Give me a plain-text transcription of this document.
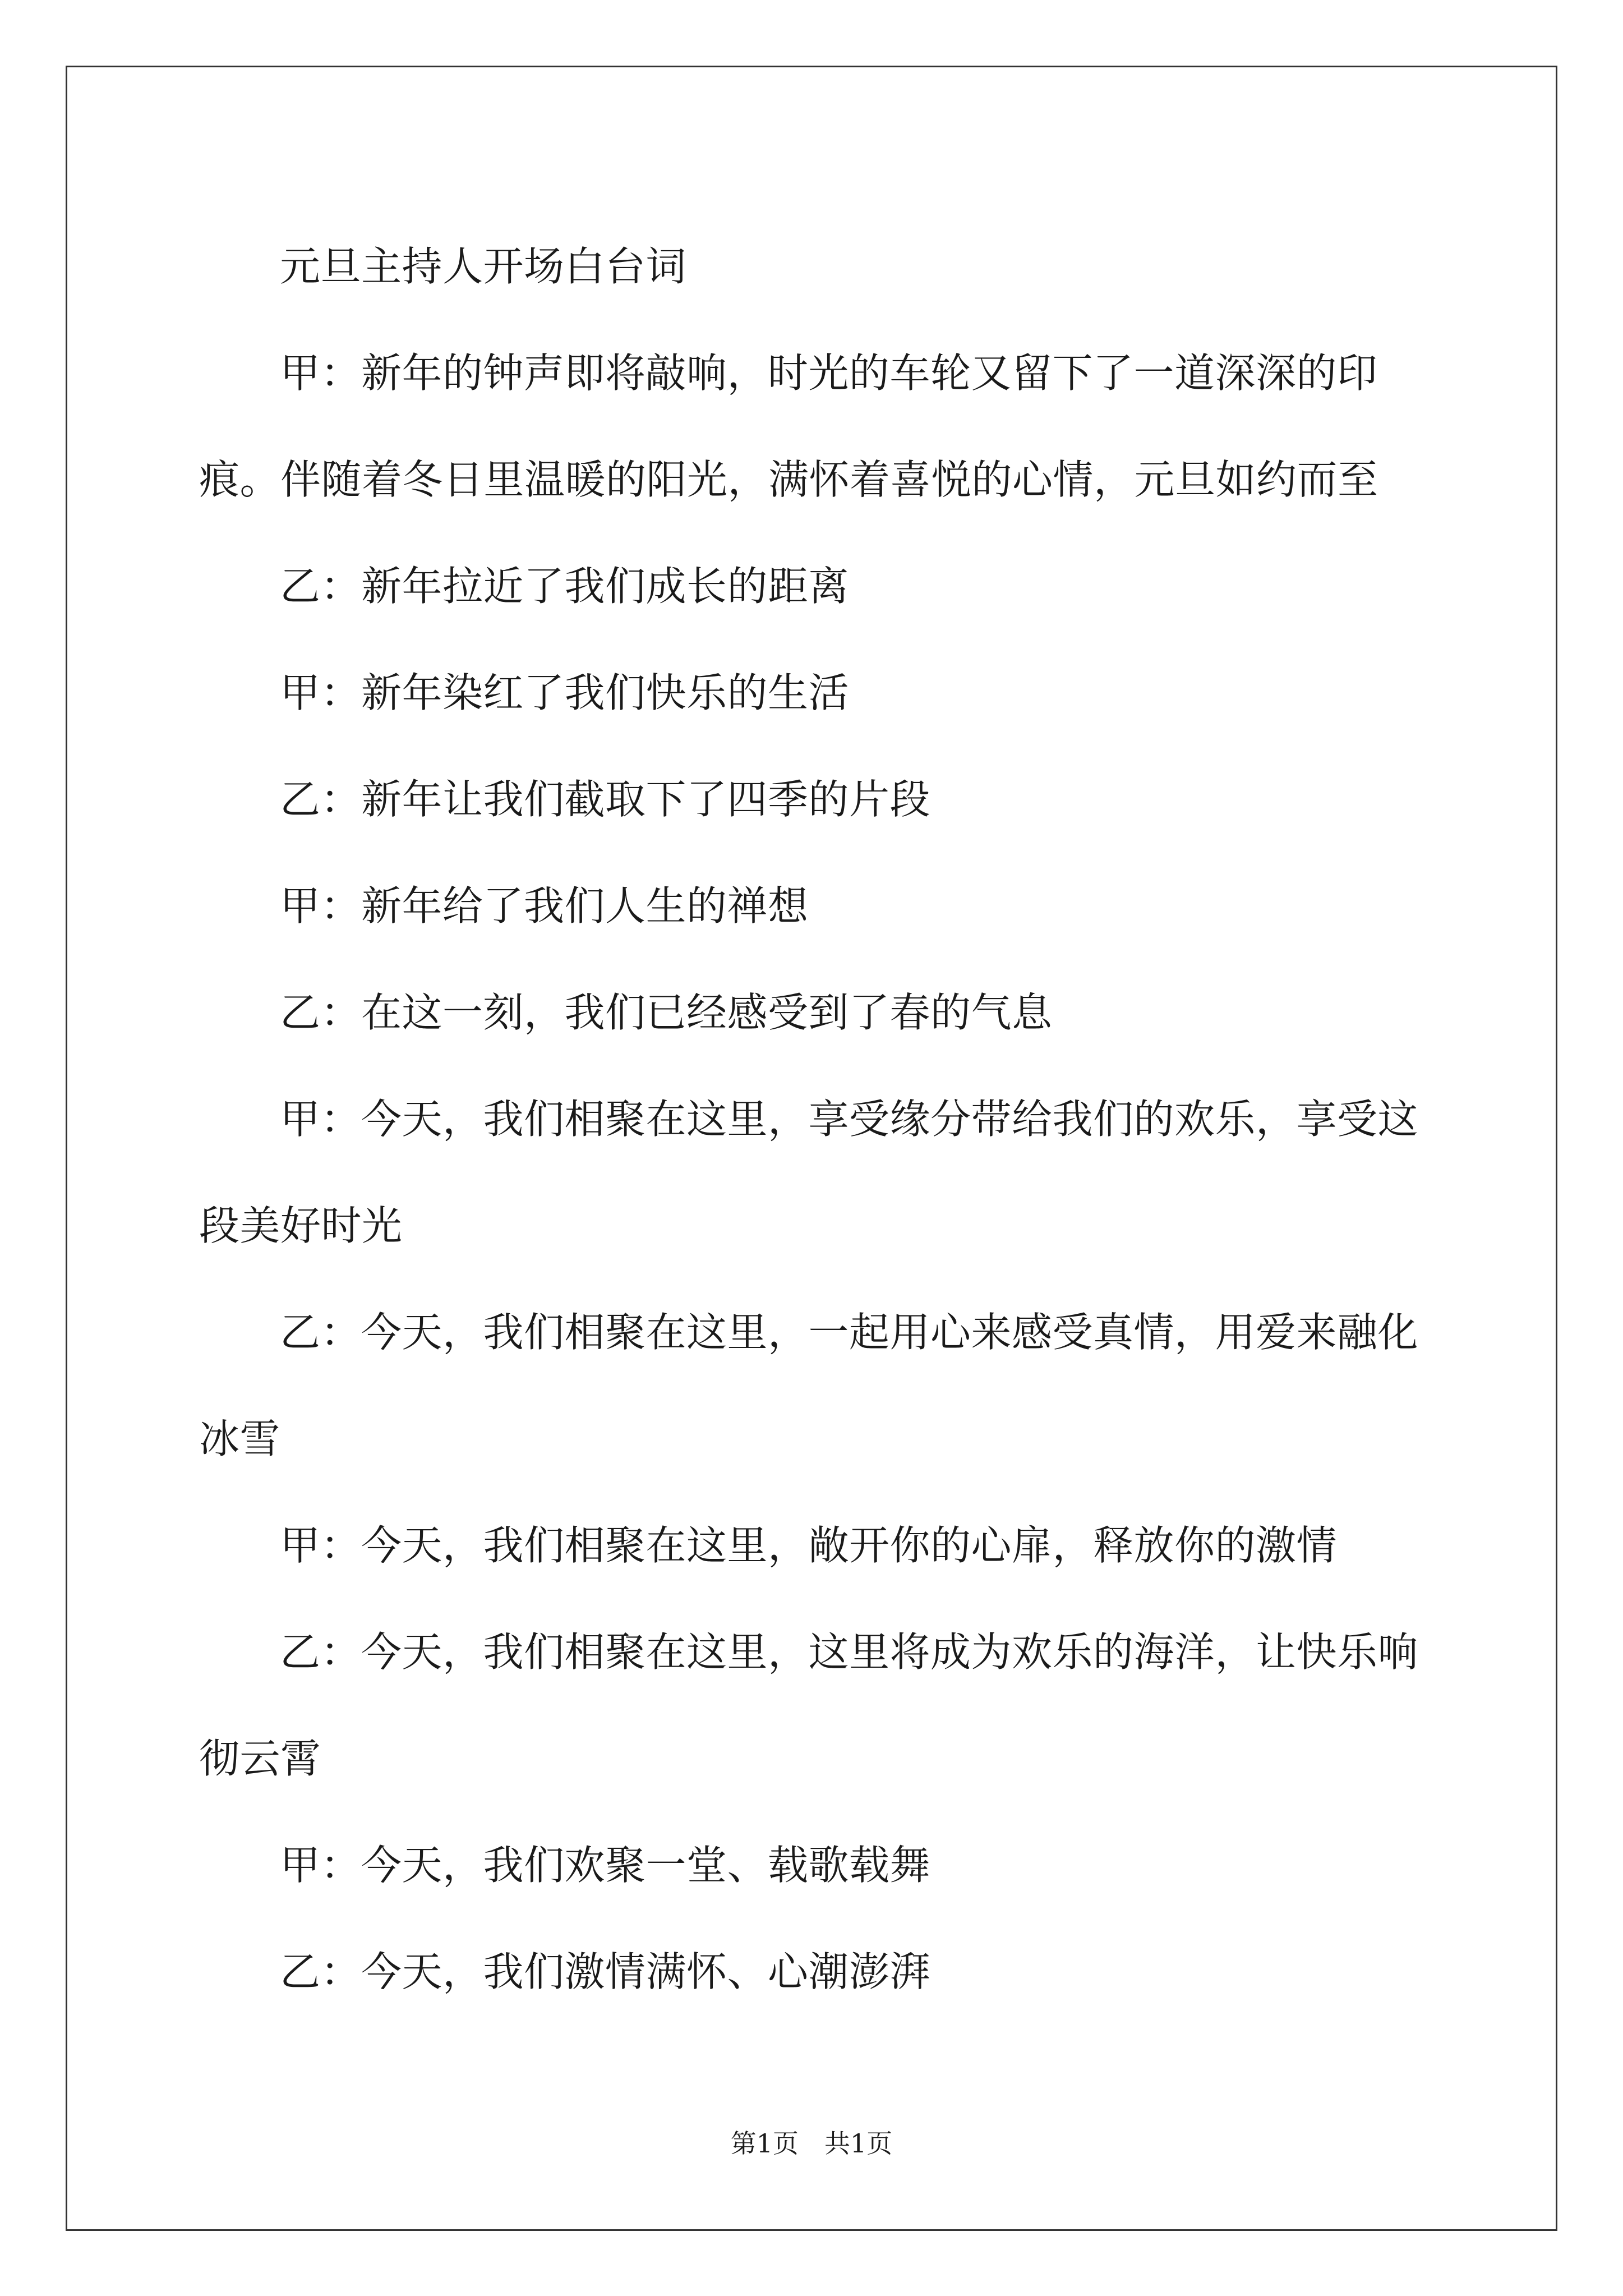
元旦主持人开场白台词

甲：新年的钟声即将敲响，时光的车轮又留下了一道深深的印痕。伴随着冬日里温暖的阳光，满怀着喜悦的心情，元旦如约而至

乙：新年拉近了我们成长的距离

甲：新年染红了我们快乐的生活

乙：新年让我们截取下了四季的片段

甲：新年给了我们人生的禅想

乙：在这一刻，我们已经感受到了春的气息

甲：今天，我们相聚在这里，享受缘分带给我们的欢乐，享受这段美好时光

乙：今天，我们相聚在这里，一起用心来感受真情，用爱来融化冰雪

甲：今天，我们相聚在这里，敞开你的心扉，释放你的激情

乙：今天，我们相聚在这里，这里将成为欢乐的海洋，让快乐响彻云霄

甲：今天，我们欢聚一堂、载歌载舞

乙：今天，我们激情满怀、心潮澎湃

第1页　共1页
